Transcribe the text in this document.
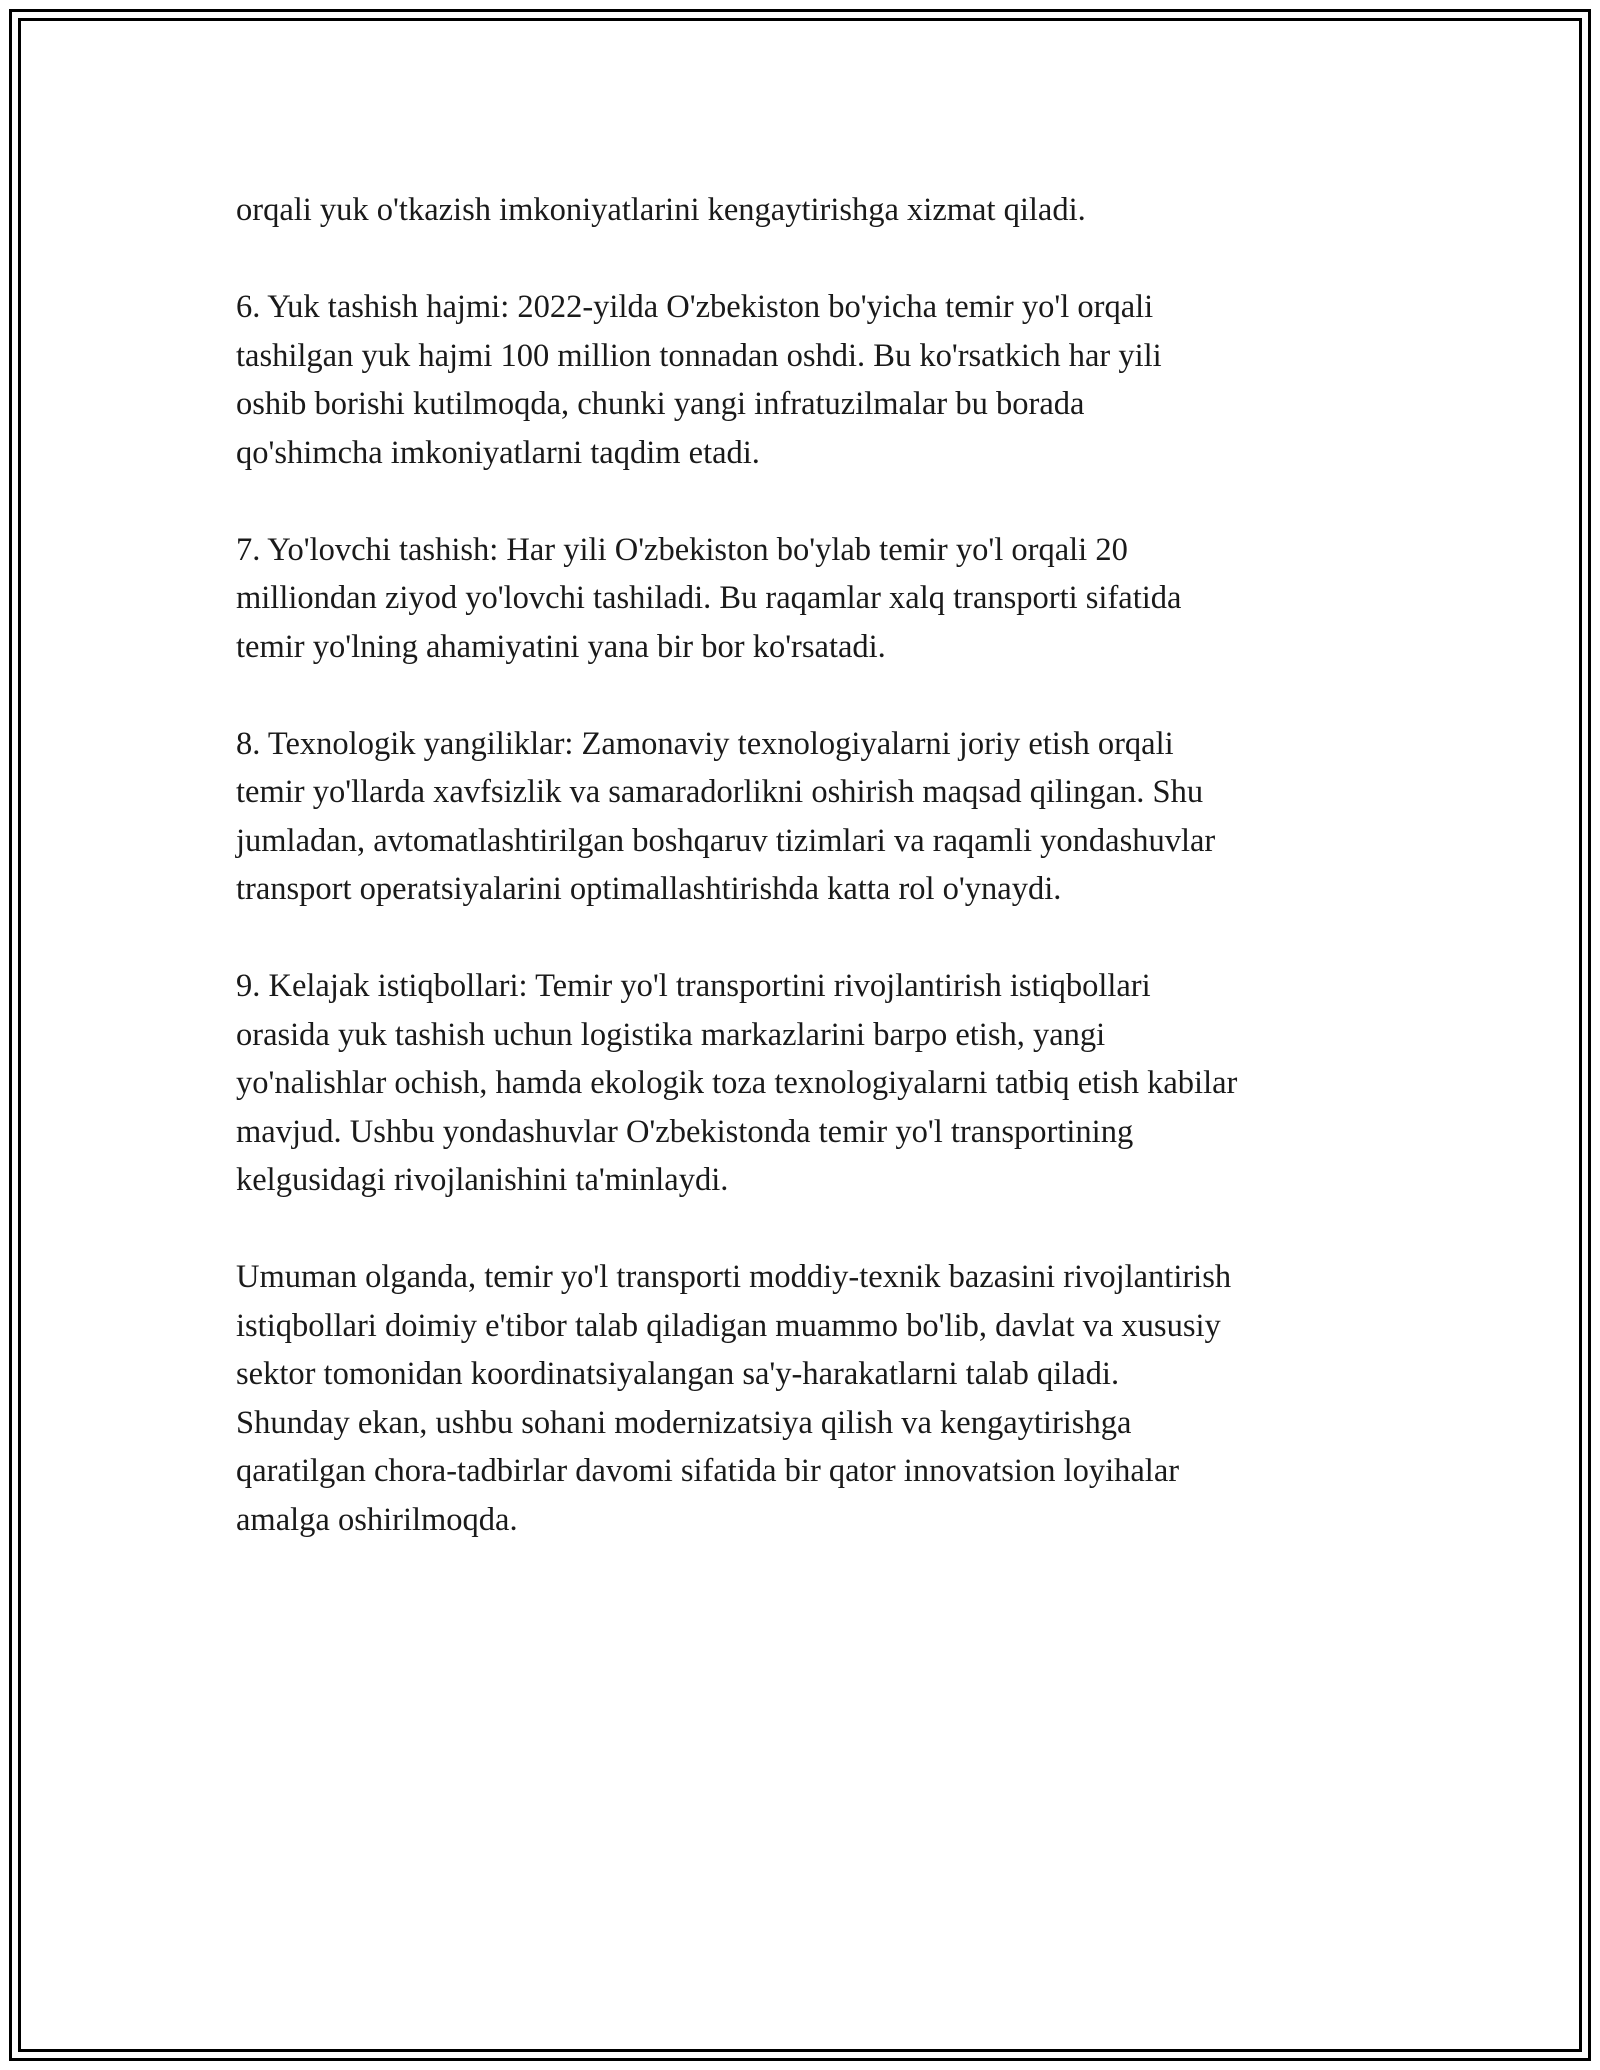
orqali yuk o'tkazish imkoniyatlarini kengaytirishga xizmat qiladi.

6. Yuk tashish hajmi: 2022-yilda O'zbekiston bo'yicha temir yo'l orqali
tashilgan yuk hajmi 100 million tonnadan oshdi. Bu ko'rsatkich har yili
oshib borishi kutilmoqda, chunki yangi infratuzilmalar bu borada
qo'shimcha imkoniyatlarni taqdim etadi.

7. Yo'lovchi tashish: Har yili O'zbekiston bo'ylab temir yo'l orqali 20
milliondan ziyod yo'lovchi tashiladi. Bu raqamlar xalq transporti sifatida
temir yo'lning ahamiyatini yana bir bor ko'rsatadi.

8. Texnologik yangiliklar: Zamonaviy texnologiyalarni joriy etish orqali
temir yo'llarda xavfsizlik va samaradorlikni oshirish maqsad qilingan. Shu
jumladan, avtomatlashtirilgan boshqaruv tizimlari va raqamli yondashuvlar
transport operatsiyalarini optimallashtirishda katta rol o'ynaydi.

9. Kelajak istiqbollari: Temir yo'l transportini rivojlantirish istiqbollari
orasida yuk tashish uchun logistika markazlarini barpo etish, yangi
yo'nalishlar ochish, hamda ekologik toza texnologiyalarni tatbiq etish kabilar
mavjud. Ushbu yondashuvlar O'zbekistonda temir yo'l transportining
kelgusidagi rivojlanishini ta'minlaydi.

Umuman olganda, temir yo'l transporti moddiy-texnik bazasini rivojlantirish
istiqbollari doimiy e'tibor talab qiladigan muammo bo'lib, davlat va xususiy
sektor tomonidan koordinatsiyalangan sa'y-harakatlarni talab qiladi.
Shunday ekan, ushbu sohani modernizatsiya qilish va kengaytirishga
qaratilgan chora-tadbirlar davomi sifatida bir qator innovatsion loyihalar
amalga oshirilmoqda.
